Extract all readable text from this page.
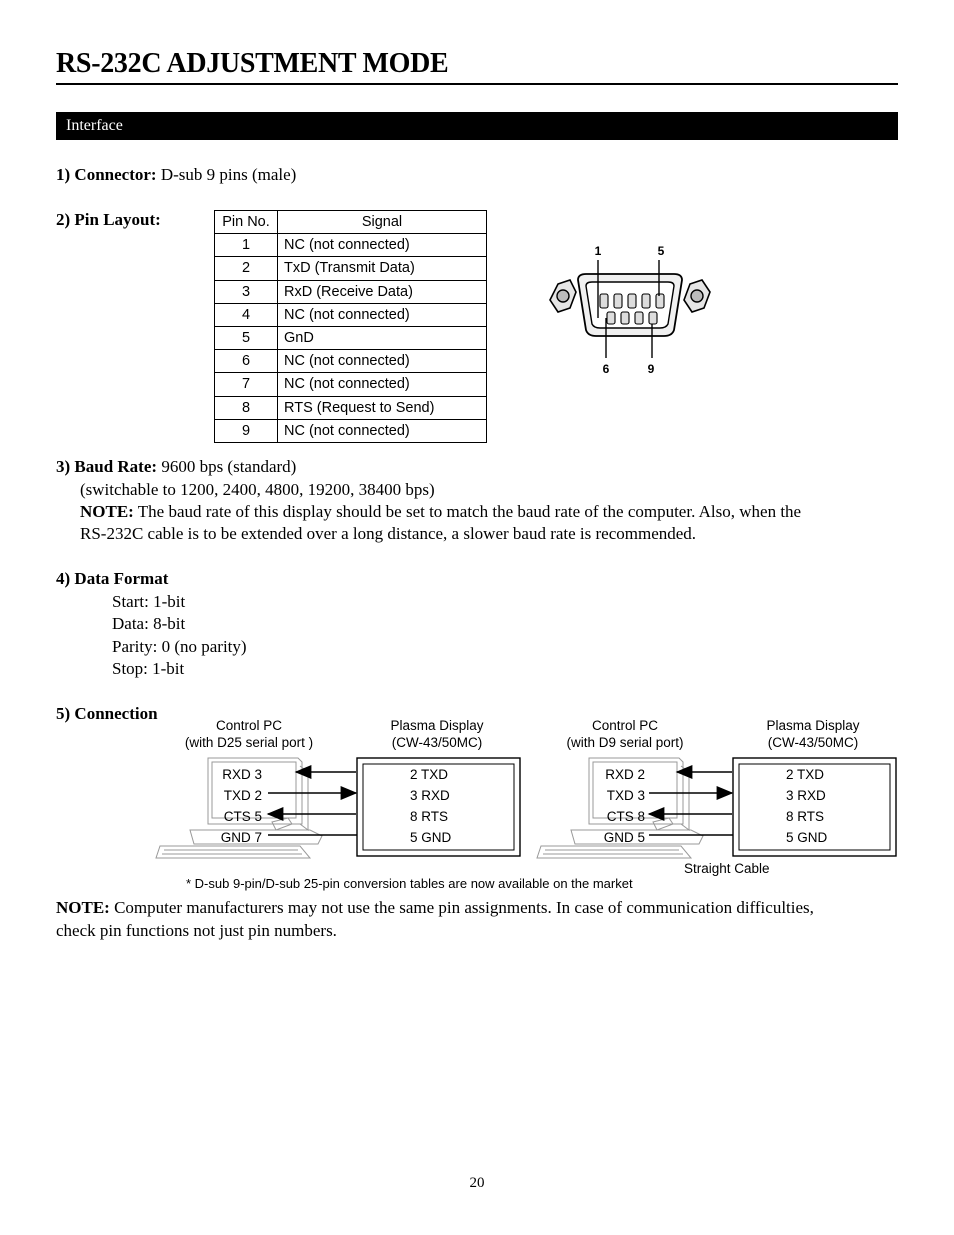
RS-232C ADJUSTMENT MODE
Interface
1) Connector: D-sub 9 pins (male)
2) Pin Layout:	Pin No.	Signal
1	NC (not connected)
2	TxD (Transmit Data)
3	RxD (Receive Data)
4	NC (not connected)
5	GnD
6	NC (not connected)
7	NC (not connected)
8	RTS (Request to Send)
9	NC (not connected)
1	5
6	9
3) Baud Rate: 9600 bps (standard)
(switchable to 1200, 2400, 4800, 19200, 38400 bps)
NOTE: The baud rate of this display should be set to match the baud rate of the computer. Also, when the
RS-232C cable is to be extended over a long distance, a slower baud rate is recommended.
4) Data Format
Start: 1-bit
Data: 8-bit
Parity: 0 (no parity)
Stop: 1-bit
5) Connection
Control PC
(with D25 serial port )
Plasma Display
(CW-43/50MC)
RXD 3
TXD 2
CTS 5
GND 7
2 TXD
3 RXD
8 RTS
5 GND
Control PC
(with D9 serial port)
Plasma Display
(CW-43/50MC)
RXD 2
TXD 3
CTS 8
GND 5
2 TXD
3 RXD
8 RTS
5 GND
Straight Cable
* D-sub 9-pin/D-sub 25-pin conversion tables are now available on the market
NOTE: Computer manufacturers may not use the same pin assignments. In case of communication difficulties,
check pin functions not just pin numbers.
20
